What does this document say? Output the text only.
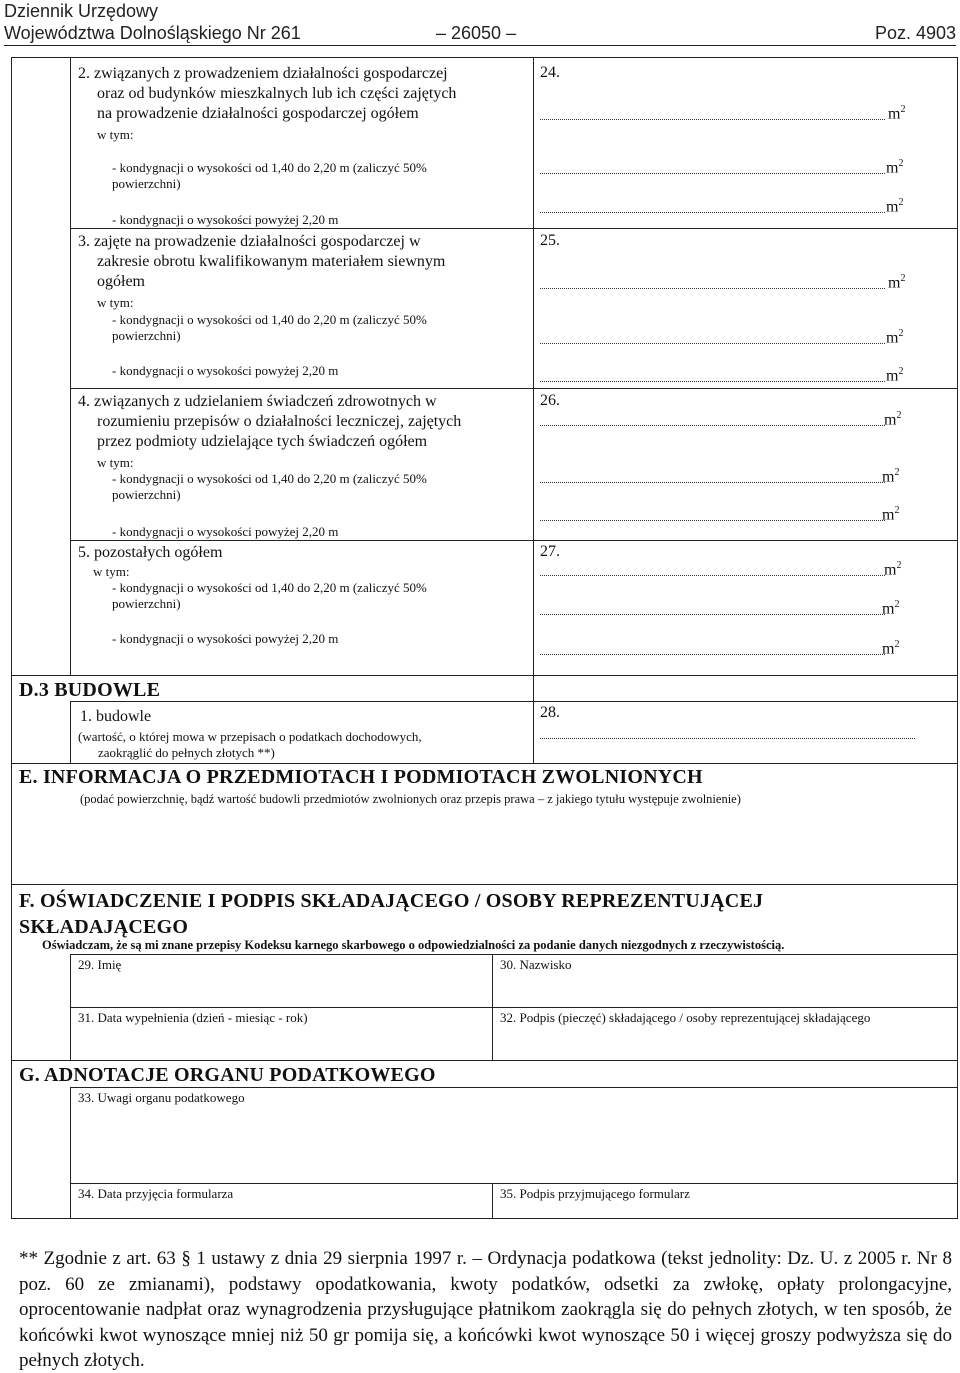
Dziennik Urzędowy
Województwa Dolnośląskiego Nr 261	– 26050 –	Poz. 4903
2. związanych z prowadzeniem działalności gospodarczej
oraz od budynków mieszkalnych lub ich części zajętych
na prowadzenie działalności gospodarczej ogółem
w tym:
- kondygnacji o wysokości od 1,40 do 2,20 m (zaliczyć 50%
powierzchni)
- kondygnacji o wysokości powyżej 2,20 m
24.
$m^2$
$m^2$
$m^2$
3. zajęte na prowadzenie działalności gospodarczej w
zakresie obrotu kwalifikowanym materiałem siewnym
ogółem
w tym:
- kondygnacji o wysokości od 1,40 do 2,20 m (zaliczyć 50%
powierzchni)
- kondygnacji o wysokości powyżej 2,20 m
25.
$m^2$
$m^2$
$m^2$
4. związanych z udzielaniem świadczeń zdrowotnych w
rozumieniu przepisów o działalności leczniczej, zajętych
przez podmioty udzielające tych świadczeń ogółem
w tym:
- kondygnacji o wysokości od 1,40 do 2,20 m (zaliczyć 50%
powierzchni)
- kondygnacji o wysokości powyżej 2,20 m
26.
$m^2$
$m^2$
$m^2$
5. pozostałych ogółem
w tym:
- kondygnacji o wysokości od 1,40 do 2,20 m (zaliczyć 50%
powierzchni)
- kondygnacji o wysokości powyżej 2,20 m
27.
$m^2$
$m^2$
$m^2$
D.3 BUDOWLE
1. budowle
(wartość, o której mowa w przepisach o podatkach dochodowych,
zaokrąglić do pełnych złotych **)
28.
E. INFORMACJA O PRZEDMIOTACH I PODMIOTACH ZWOLNIONYCH
(podać powierzchnię, bądź wartość budowli przedmiotów zwolnionych oraz przepis prawa – z jakiego tytułu występuje zwolnienie)
F. OŚWIADCZENIE I PODPIS SKŁADAJĄCEGO / OSOBY REPREZENTUJĄCEJ
SKŁADAJĄCEGO
Oświadczam, że są mi znane przepisy Kodeksu karnego skarbowego o odpowiedzialności za podanie danych niezgodnych z rzeczywistością.
29. Imię	30. Nazwisko
31. Data wypełnienia (dzień - miesiąc - rok)	32. Podpis (pieczęć) składającego / osoby reprezentującej składającego
G. ADNOTACJE ORGANU PODATKOWEGO
33. Uwagi organu podatkowego
34. Data przyjęcia formularza	35. Podpis przyjmującego formularz
** Zgodnie z art. 63 § 1 ustawy z dnia 29 sierpnia 1997 r. – Ordynacja podatkowa (tekst jednolity: Dz. U. z 2005 r. Nr 8 poz. 60 ze zmianami), podstawy opodatkowania, kwoty podatków, odsetki za zwłokę, opłaty prolongacyjne, oprocentowanie nadpłat oraz wynagrodzenia przysługujące płatnikom zaokrągla się do pełnych złotych, w ten sposób, że końcówki kwot wynoszące mniej niż 50 gr pomija się, a końcówki kwot wynoszące 50 i więcej groszy podwyższa się do pełnych złotych.
